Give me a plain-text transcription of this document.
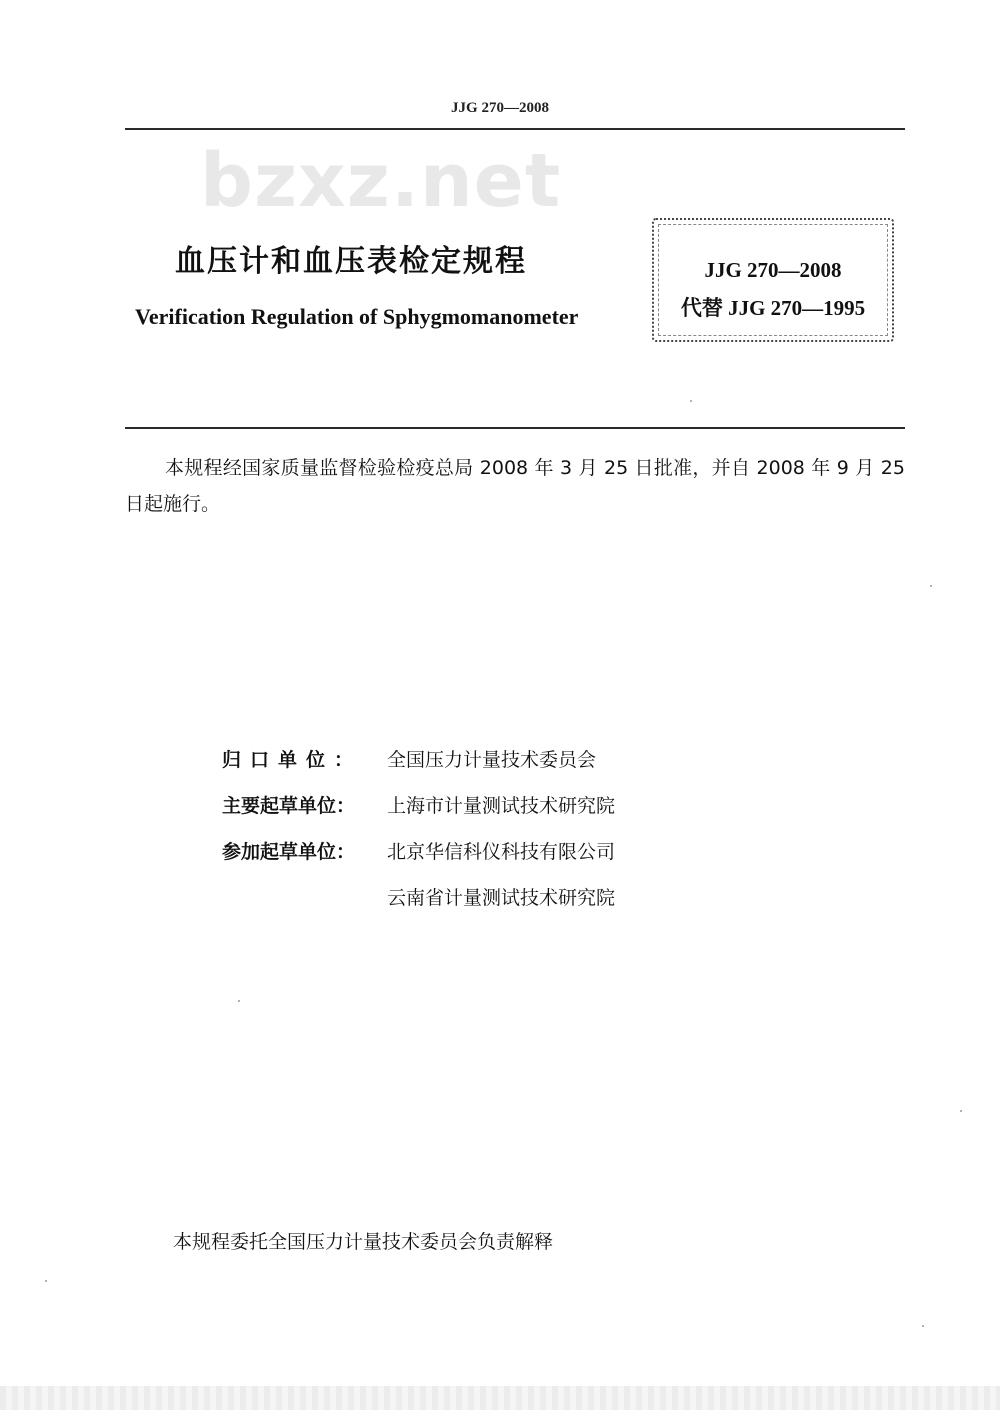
JJG 270—2008
bzxz.net
血压计和血压表检定规程
Verification Regulation of Sphygmomanometer
JJG 270—2008
代替 JJG 270—1995
本规程经国家质量监督检验检疫总局 2008 年 3 月 25 日批准，并自 2008 年 9 月 25 日起施行。
归口单位：	全国压力计量技术委员会
主要起草单位：	上海市计量测试技术研究院
参加起草单位：	北京华信科仪科技有限公司
云南省计量测试技术研究院
本规程委托全国压力计量技术委员会负责解释
